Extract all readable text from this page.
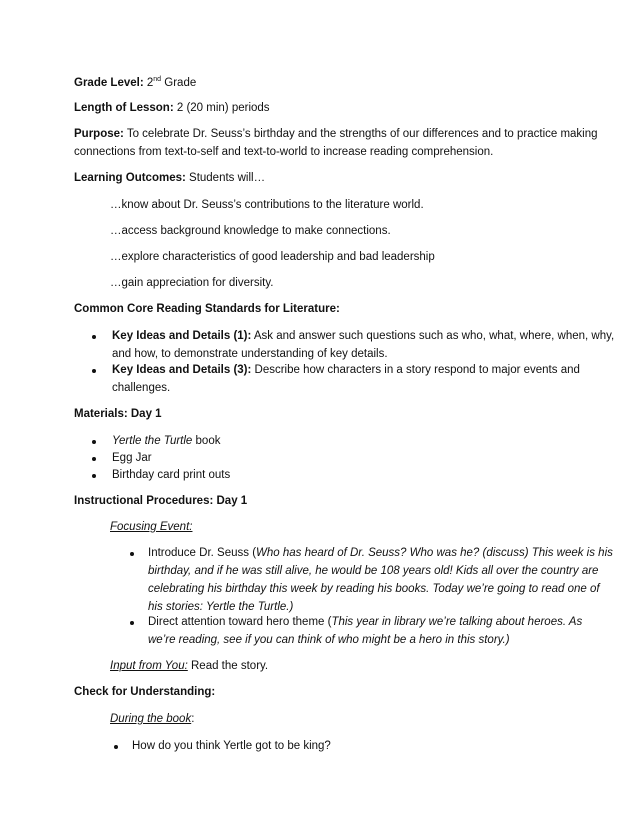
Grade Level: 2nd Grade
Length of Lesson: 2 (20 min) periods
Purpose: To celebrate Dr. Seuss’s birthday and the strengths of our differences and to practice making
connections from text-to-self and text-to-world to increase reading comprehension.
Learning Outcomes: Students will…
…know about Dr. Seuss’s contributions to the literature world.
…access background knowledge to make connections.
…explore characteristics of good leadership and bad leadership
…gain appreciation for diversity.
Common Core Reading Standards for Literature:
Key Ideas and Details (1): Ask and answer such questions such as who, what, where, when, why,
and how, to demonstrate understanding of key details.
Key Ideas and Details (3): Describe how characters in a story respond to major events and
challenges.
Materials: Day 1
Yertle the Turtle book
Egg Jar
Birthday card print outs
Instructional Procedures: Day 1
Focusing Event:
Introduce Dr. Seuss (Who has heard of Dr. Seuss? Who was he? (discuss) This week is his
birthday, and if he was still alive, he would be 108 years old! Kids all over the country are
celebrating his birthday this week by reading his books. Today we’re going to read one of
his stories: Yertle the Turtle.)
Direct attention toward hero theme (This year in library we’re talking about heroes. As
we’re reading, see if you can think of who might be a hero in this story.)
Input from You: Read the story.
Check for Understanding:
During the book:
How do you think Yertle got to be king?
